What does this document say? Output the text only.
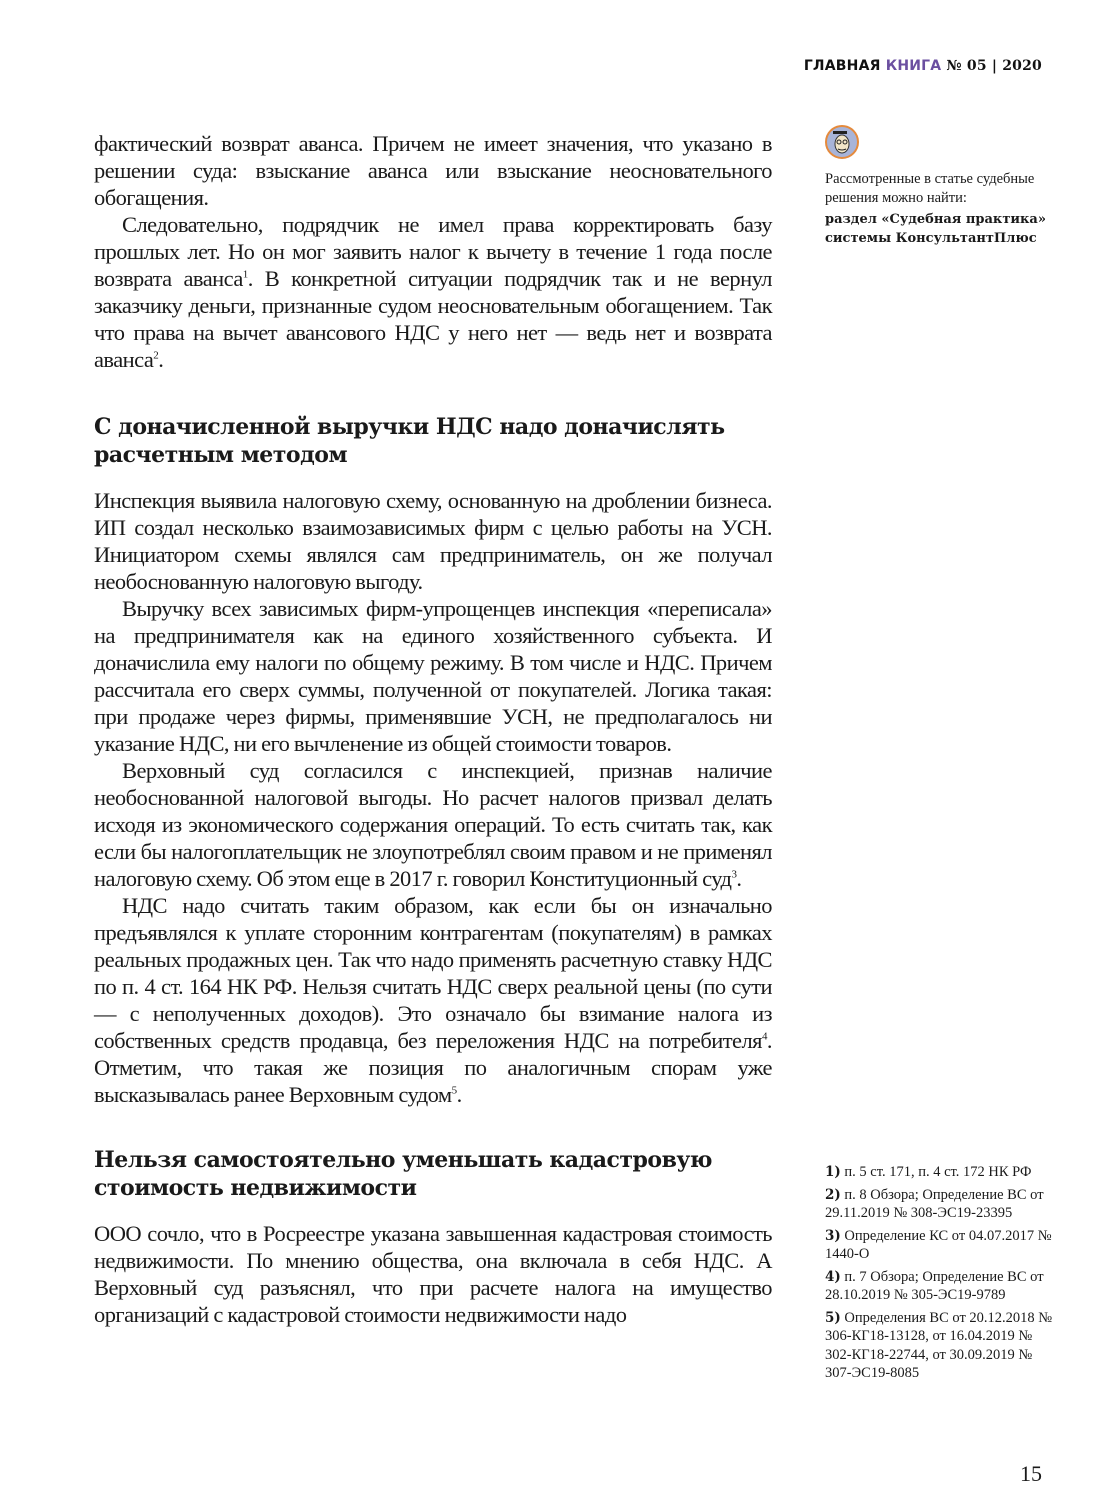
ГЛАВНАЯ КНИГА № 05 | 2020

фактический возврат аванса. Причем не имеет значения, что указано в решении суда: взыскание аванса или взыскание неосновательного обогащения.

Следовательно, подрядчик не имел права корректировать базу прошлых лет. Но он мог заявить налог к вычету в течение 1 года после возврата аванса$^1$. В конкретной ситуации подрядчик так и не вернул заказчику деньги, признанные судом неосновательным обогащением. Так что права на вычет авансового НДС у него нет — ведь нет и возврата аванса$^2$.

С доначисленной выручки НДС надо доначислять расчетным методом

Инспекция выявила налоговую схему, основанную на дроблении бизнеса. ИП создал несколько взаимозависимых фирм с целью работы на УСН. Инициатором схемы являлся сам предприниматель, он же получал необоснованную налоговую выгоду.

Выручку всех зависимых фирм-упрощенцев инспекция «переписала» на предпринимателя как на единого хозяйственного субъекта. И доначислила ему налоги по общему режиму. В том числе и НДС. Причем рассчитала его сверх суммы, полученной от покупателей. Логика такая: при продаже через фирмы, применявшие УСН, не предполагалось ни указание НДС, ни его вычленение из общей стоимости товаров.

Верховный суд согласился с инспекцией, признав наличие необоснованной налоговой выгоды. Но расчет налогов призвал делать исходя из экономического содержания операций. То есть считать так, как если бы налогоплательщик не злоупотреблял своим правом и не применял налоговую схему. Об этом еще в 2017 г. говорил Конституционный суд$^3$.

НДС надо считать таким образом, как если бы он изначально предъявлялся к уплате сторонним контрагентам (покупателям) в рамках реальных продажных цен. Так что надо применять расчетную ставку НДС по п. 4 ст. 164 НК РФ. Нельзя считать НДС сверх реальной цены (по сути — с неполученных доходов). Это означало бы взимание налога из собственных средств продавца, без переложения НДС на потребителя$^4$. Отметим, что такая же позиция по аналогичным спорам уже высказывалась ранее Верховным судом$^5$.

Нельзя самостоятельно уменьшать кадастровую стоимость недвижимости

ООО сочло, что в Росреестре указана завышенная кадастровая стоимость недвижимости. По мнению общества, она включала в себя НДС. А Верховный суд разъяснял, что при расчете налога на имущество организаций с кадастровой стоимости недвижимости надо

Рассмотренные в статье судебные решения можно найти:
раздел «Судебная практика» системы КонсультантПлюс
1) п. 5 ст. 171, п. 4 ст. 172 НК РФ
2) п. 8 Обзора; Определение ВС от 29.11.2019 № 308-ЭС19-23395
3) Определение КС от 04.07.2017 № 1440-О
4) п. 7 Обзора; Определение ВС от 28.10.2019 № 305-ЭС19-9789
5) Определения ВС от 20.12.2018 № 306-КГ18-13128, от 16.04.2019 № 302-КГ18-22744, от 30.09.2019 № 307-ЭС19-8085
15
